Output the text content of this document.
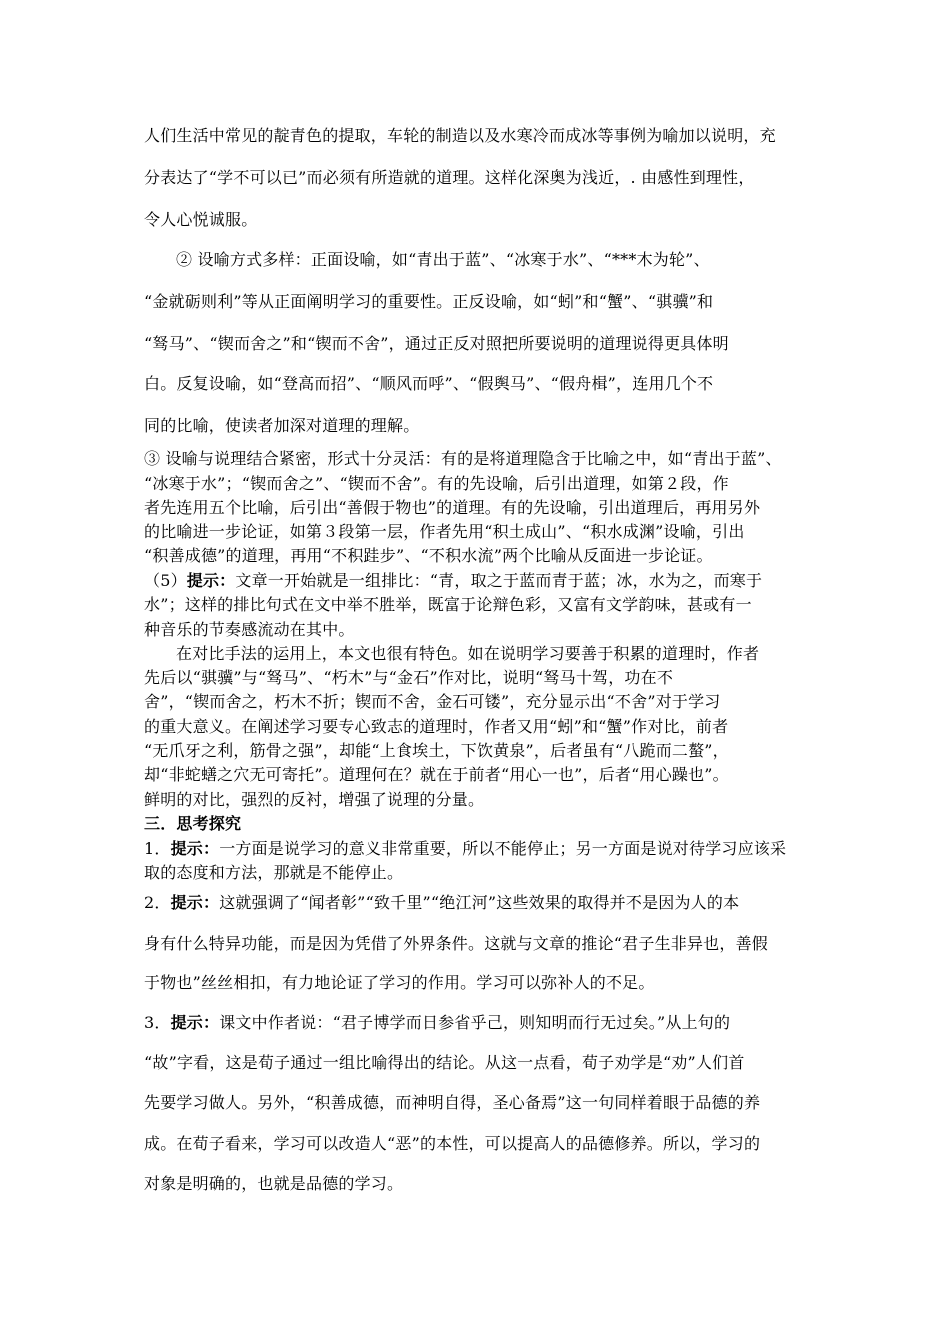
人们生活中常见的靛青色的提取，车轮的制造以及水寒冷而成冰等事例为喻加以说明，充
分表达了“学不可以已”而必须有所造就的道理。这样化深奥为浅近，. 由感性到理性，
令人心悦诚服。
② 设喻方式多样：正面设喻，如“青出于蓝”、“冰寒于水”、“***木为轮”、
“金就砺则利”等从正面阐明学习的重要性。正反设喻，如“蚓”和“蟹”、“骐骥”和
“驽马”、“锲而舍之”和“锲而不舍”，通过正反对照把所要说明的道理说得更具体明
白。反复设喻，如“登高而招”、“顺风而呼”、“假舆马”、“假舟楫”，连用几个不
同的比喻，使读者加深对道理的理解。
③ 设喻与说理结合紧密，形式十分灵活：有的是将道理隐含于比喻之中，如“青出于蓝”、
“冰寒于水”；“锲而舍之”、“锲而不舍”。有的先设喻，后引出道理，如第２段，作
者先连用五个比喻，后引出“善假于物也”的道理。有的先设喻，引出道理后，再用另外
的比喻进一步论证，如第３段第一层，作者先用“积土成山”、“积水成渊”设喻，引出
“积善成德”的道理，再用“不积跬步”、“不积水流”两个比喻从反面进一步论证。
（5）提示：文章一开始就是一组排比：“青，取之于蓝而青于蓝；冰，水为之，而寒于
水”；这样的排比句式在文中举不胜举，既富于论辩色彩，又富有文学韵味，甚或有一
种音乐的节奏感流动在其中。
在对比手法的运用上，本文也很有特色。如在说明学习要善于积累的道理时，作者
先后以“骐骥”与“驽马”、“朽木”与“金石”作对比，说明“驽马十驾，功在不
舍”，“锲而舍之，朽木不折；锲而不舍，金石可镂”，充分显示出“不舍”对于学习
的重大意义。在阐述学习要专心致志的道理时，作者又用“蚓”和“蟹”作对比，前者
“无爪牙之利，筋骨之强”，却能“上食埃土，下饮黄泉”，后者虽有“八跪而二螯”，
却“非蛇蟮之穴无可寄托”。道理何在？就在于前者“用心一也”，后者“用心躁也”。
鲜明的对比，强烈的反衬，增强了说理的分量。
三．思考探究
1．提示：一方面是说学习的意义非常重要，所以不能停止；另一方面是说对待学习应该采
取的态度和方法，那就是不能停止。
2．提示：这就强调了“闻者彰”“致千里”“绝江河”这些效果的取得并不是因为人的本
身有什么特异功能，而是因为凭借了外界条件。这就与文章的推论“君子生非异也，善假
于物也”丝丝相扣，有力地论证了学习的作用。学习可以弥补人的不足。
3．提示：课文中作者说：“君子博学而日参省乎己，则知明而行无过矣。”从上句的
“故”字看，这是荀子通过一组比喻得出的结论。从这一点看，荀子劝学是“劝”人们首
先要学习做人。另外，“积善成德，而神明自得，圣心备焉”这一句同样着眼于品德的养
成。在荀子看来，学习可以改造人“恶”的本性，可以提高人的品德修养。所以，学习的
对象是明确的，也就是品德的学习。
